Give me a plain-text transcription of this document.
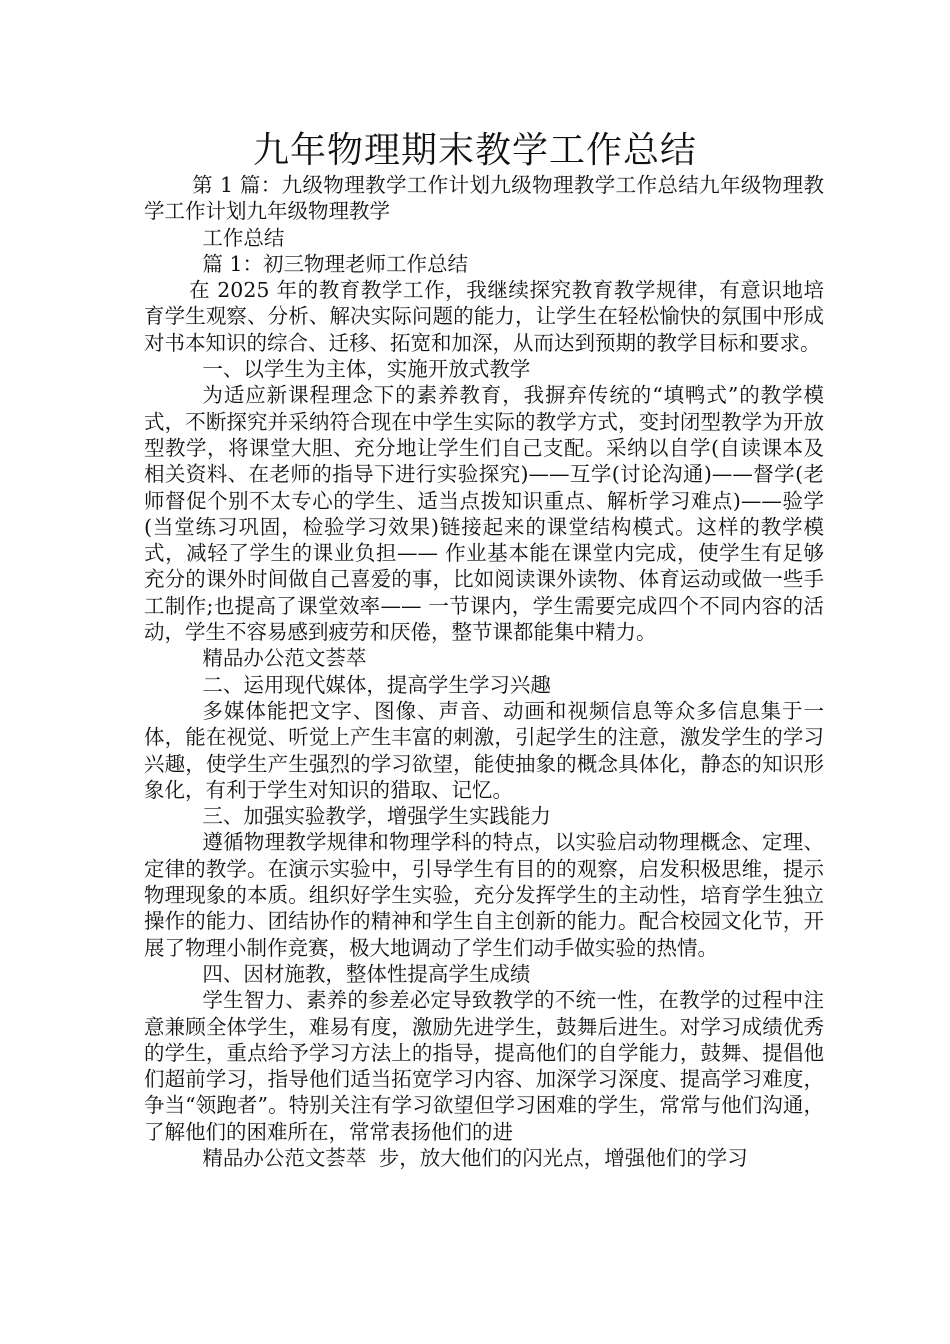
九年物理期末教学工作总结

第 1 篇：九级物理教学工作计划九级物理教学工作总结九年级物理教学工作计划九年级物理教学

工作总结

篇 1：初三物理老师工作总结

在 2025 年的教育教学工作，我继续探究教育教学规律，有意识地培育学生观察、分析、解决实际问题的能力，让学生在轻松愉快的氛围中形成对书本知识的综合、迁移、拓宽和加深，从而达到预期的教学目标和要求。

一、以学生为主体，实施开放式教学

为适应新课程理念下的素养教育，我摒弃传统的“填鸭式”的教学模式，不断探究并采纳符合现在中学生实际的教学方式，变封闭型教学为开放型教学，将课堂大胆、充分地让学生们自己支配。采纳以自学(自读课本及相关资料、在老师的指导下进行实验探究)——互学(讨论沟通)——督学(老师督促个别不太专心的学生、适当点拨知识重点、解析学习难点)——验学(当堂练习巩固，检验学习效果)链接起来的课堂结构模式。这样的教学模式，减轻了学生的课业负担—— 作业基本能在课堂内完成，使学生有足够充分的课外时间做自己喜爱的事，比如阅读课外读物、体育运动或做一些手工制作;也提高了课堂效率—— 一节课内，学生需要完成四个不同内容的活动，学生不容易感到疲劳和厌倦，整节课都能集中精力。

精品办公范文荟萃

二、运用现代媒体，提高学生学习兴趣

多媒体能把文字、图像、声音、动画和视频信息等众多信息集于一体，能在视觉、听觉上产生丰富的刺激，引起学生的注意，激发学生的学习兴趣，使学生产生强烈的学习欲望，能使抽象的概念具体化，静态的知识形象化，有利于学生对知识的猎取、记忆。

三、加强实验教学，增强学生实践能力

遵循物理教学规律和物理学科的特点，以实验启动物理概念、定理、定律的教学。在演示实验中，引导学生有目的的观察，启发积极思维，提示物理现象的本质。组织好学生实验，充分发挥学生的主动性，培育学生独立操作的能力、团结协作的精神和学生自主创新的能力。配合校园文化节，开展了物理小制作竞赛，极大地调动了学生们动手做实验的热情。

四、因材施教，整体性提高学生成绩

学生智力、素养的参差必定导致教学的不统一性，在教学的过程中注意兼顾全体学生，难易有度，激励先进学生，鼓舞后进生。对学习成绩优秀的学生，重点给予学习方法上的指导，提高他们的自学能力，鼓舞、提倡他们超前学习，指导他们适当拓宽学习内容、加深学习深度、提高学习难度，争当“领跑者”。特别关注有学习欲望但学习困难的学生，常常与他们沟通，了解他们的困难所在，常常表扬他们的进

精品办公范文荟萃 步，放大他们的闪光点，增强他们的学习
